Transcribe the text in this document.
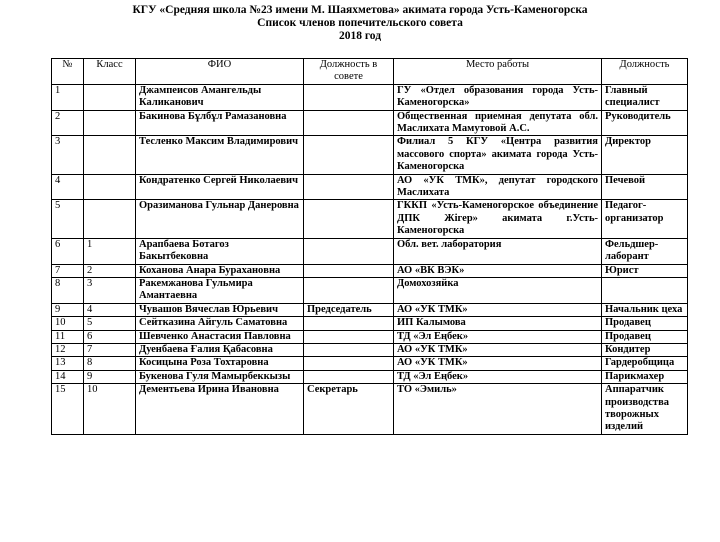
КГУ «Средняя школа №23 имени М. Шаяхметова» акимата города Усть-Каменогорска
Список членов попечительского совета
2018 год
№	Класс	ФИО	Должность в совете	Место работы	Должность
1		Джампеисов Амангельды Каликанович		ГУ «Отдел образования города Усть-Каменогорска»	Главный специалист
2		Бакинова Бұлбұл Рамазановна		Общественная приемная депутата обл. Маслихата Мамутовой А.С.	Руководитель
3		Тесленко Максим Владимирович		Филиал 5 КГУ «Центра развития массового спорта» акимата города Усть-Каменогорска	Директор
4		Кондратенко Сергей Николаевич		АО «УК ТМК», депутат городского Маслихата	Печевой
5		Оразиманова Гульнар Данеровна		ГККП «Усть-Каменогорское объединение ДПК Жігер» акимата г.Усть-Каменогорска	Педагог-организатор
6	1	Арапбаева Ботагоз Бакытбековна		Обл. вет. лаборатория	Фельдшер-лаборант
7	2	Коханова Анара Бураханoвна		АО «ВК ВЭК»	Юрист
8	3	Ракемжанова Гульмира Амантаевна		Домохозяйка	
9	4	Чувашов Вячеслав Юрьевич	Председатель	АО «УК ТМК»	Начальник цеха
10	5	Сейтказина Айгуль Саматовна		ИП Калымова	Продавец
11	6	Шевченко Анастасия Павловна		ТД «Эл Еңбек»	Продавец
12	7	Дуенбаева Ғалия Қабасовна		АО «УК ТМК»	Кондитер
13	8	Косицына Роза Тохтаровна		АО «УК ТМК»	Гардеробщица
14	9	Букенова Гуля Мамырбеккызы		ТД «Эл Еңбек»	Парикмахер
15	10	Дементьева Ирина Ивановна	Секретарь	ТО «Эмиль»	Аппаратчик производства творожных изделий
